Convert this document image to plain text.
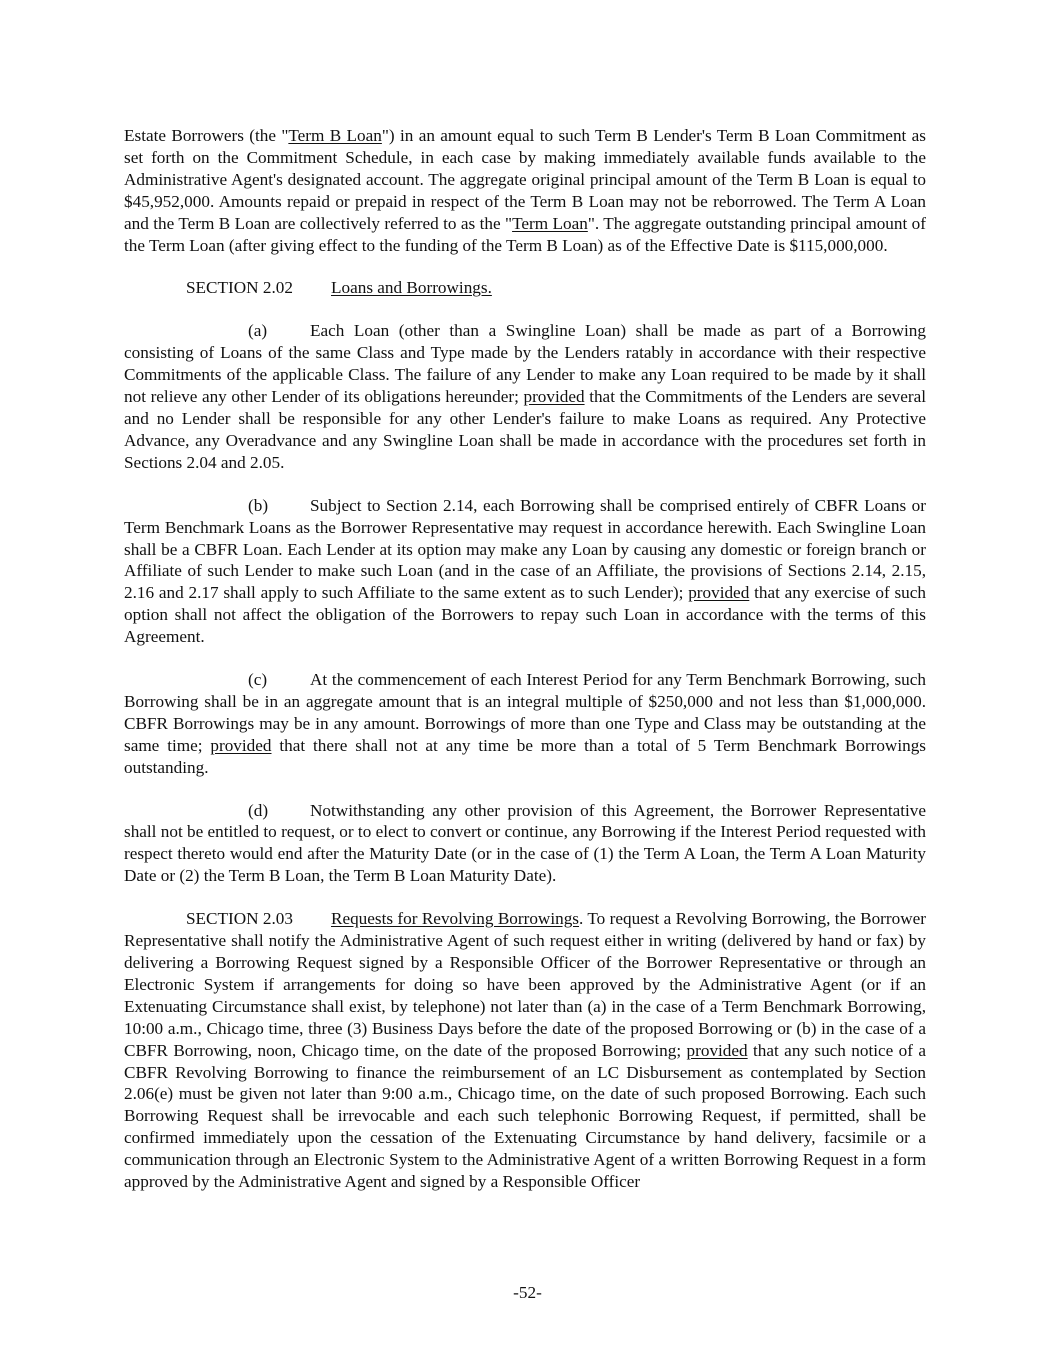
Estate Borrowers (the "Term B Loan") in an amount equal to such Term B Lender's Term B Loan Commitment as set forth on the Commitment Schedule, in each case by making immediately available funds available to the Administrative Agent's designated account. The aggregate original principal amount of the Term B Loan is equal to $45,952,000. Amounts repaid or prepaid in respect of the Term B Loan may not be reborrowed. The Term A Loan and the Term B Loan are collectively referred to as the "Term Loan". The aggregate outstanding principal amount of the Term Loan (after giving effect to the funding of the Term B Loan) as of the Effective Date is $115,000,000.

SECTION 2.02 Loans and Borrowings.

(a) Each Loan (other than a Swingline Loan) shall be made as part of a Borrowing consisting of Loans of the same Class and Type made by the Lenders ratably in accordance with their respective Commitments of the applicable Class. The failure of any Lender to make any Loan required to be made by it shall not relieve any other Lender of its obligations hereunder; provided that the Commitments of the Lenders are several and no Lender shall be responsible for any other Lender's failure to make Loans as required. Any Protective Advance, any Overadvance and any Swingline Loan shall be made in accordance with the procedures set forth in Sections 2.04 and 2.05.

(b) Subject to Section 2.14, each Borrowing shall be comprised entirely of CBFR Loans or Term Benchmark Loans as the Borrower Representative may request in accordance herewith. Each Swingline Loan shall be a CBFR Loan. Each Lender at its option may make any Loan by causing any domestic or foreign branch or Affiliate of such Lender to make such Loan (and in the case of an Affiliate, the provisions of Sections 2.14, 2.15, 2.16 and 2.17 shall apply to such Affiliate to the same extent as to such Lender); provided that any exercise of such option shall not affect the obligation of the Borrowers to repay such Loan in accordance with the terms of this Agreement.

(c) At the commencement of each Interest Period for any Term Benchmark Borrowing, such Borrowing shall be in an aggregate amount that is an integral multiple of $250,000 and not less than $1,000,000. CBFR Borrowings may be in any amount. Borrowings of more than one Type and Class may be outstanding at the same time; provided that there shall not at any time be more than a total of 5 Term Benchmark Borrowings outstanding.

(d) Notwithstanding any other provision of this Agreement, the Borrower Representative shall not be entitled to request, or to elect to convert or continue, any Borrowing if the Interest Period requested with respect thereto would end after the Maturity Date (or in the case of (1) the Term A Loan, the Term A Loan Maturity Date or (2) the Term B Loan, the Term B Loan Maturity Date).

SECTION 2.03 Requests for Revolving Borrowings. To request a Revolving Borrowing, the Borrower Representative shall notify the Administrative Agent of such request either in writing (delivered by hand or fax) by delivering a Borrowing Request signed by a Responsible Officer of the Borrower Representative or through an Electronic System if arrangements for doing so have been approved by the Administrative Agent (or if an Extenuating Circumstance shall exist, by telephone) not later than (a) in the case of a Term Benchmark Borrowing, 10:00 a.m., Chicago time, three (3) Business Days before the date of the proposed Borrowing or (b) in the case of a CBFR Borrowing, noon, Chicago time, on the date of the proposed Borrowing; provided that any such notice of a CBFR Revolving Borrowing to finance the reimbursement of an LC Disbursement as contemplated by Section 2.06(e) must be given not later than 9:00 a.m., Chicago time, on the date of such proposed Borrowing. Each such Borrowing Request shall be irrevocable and each such telephonic Borrowing Request, if permitted, shall be confirmed immediately upon the cessation of the Extenuating Circumstance by hand delivery, facsimile or a communication through an Electronic System to the Administrative Agent of a written Borrowing Request in a form approved by the Administrative Agent and signed by a Responsible Officer

-52-
